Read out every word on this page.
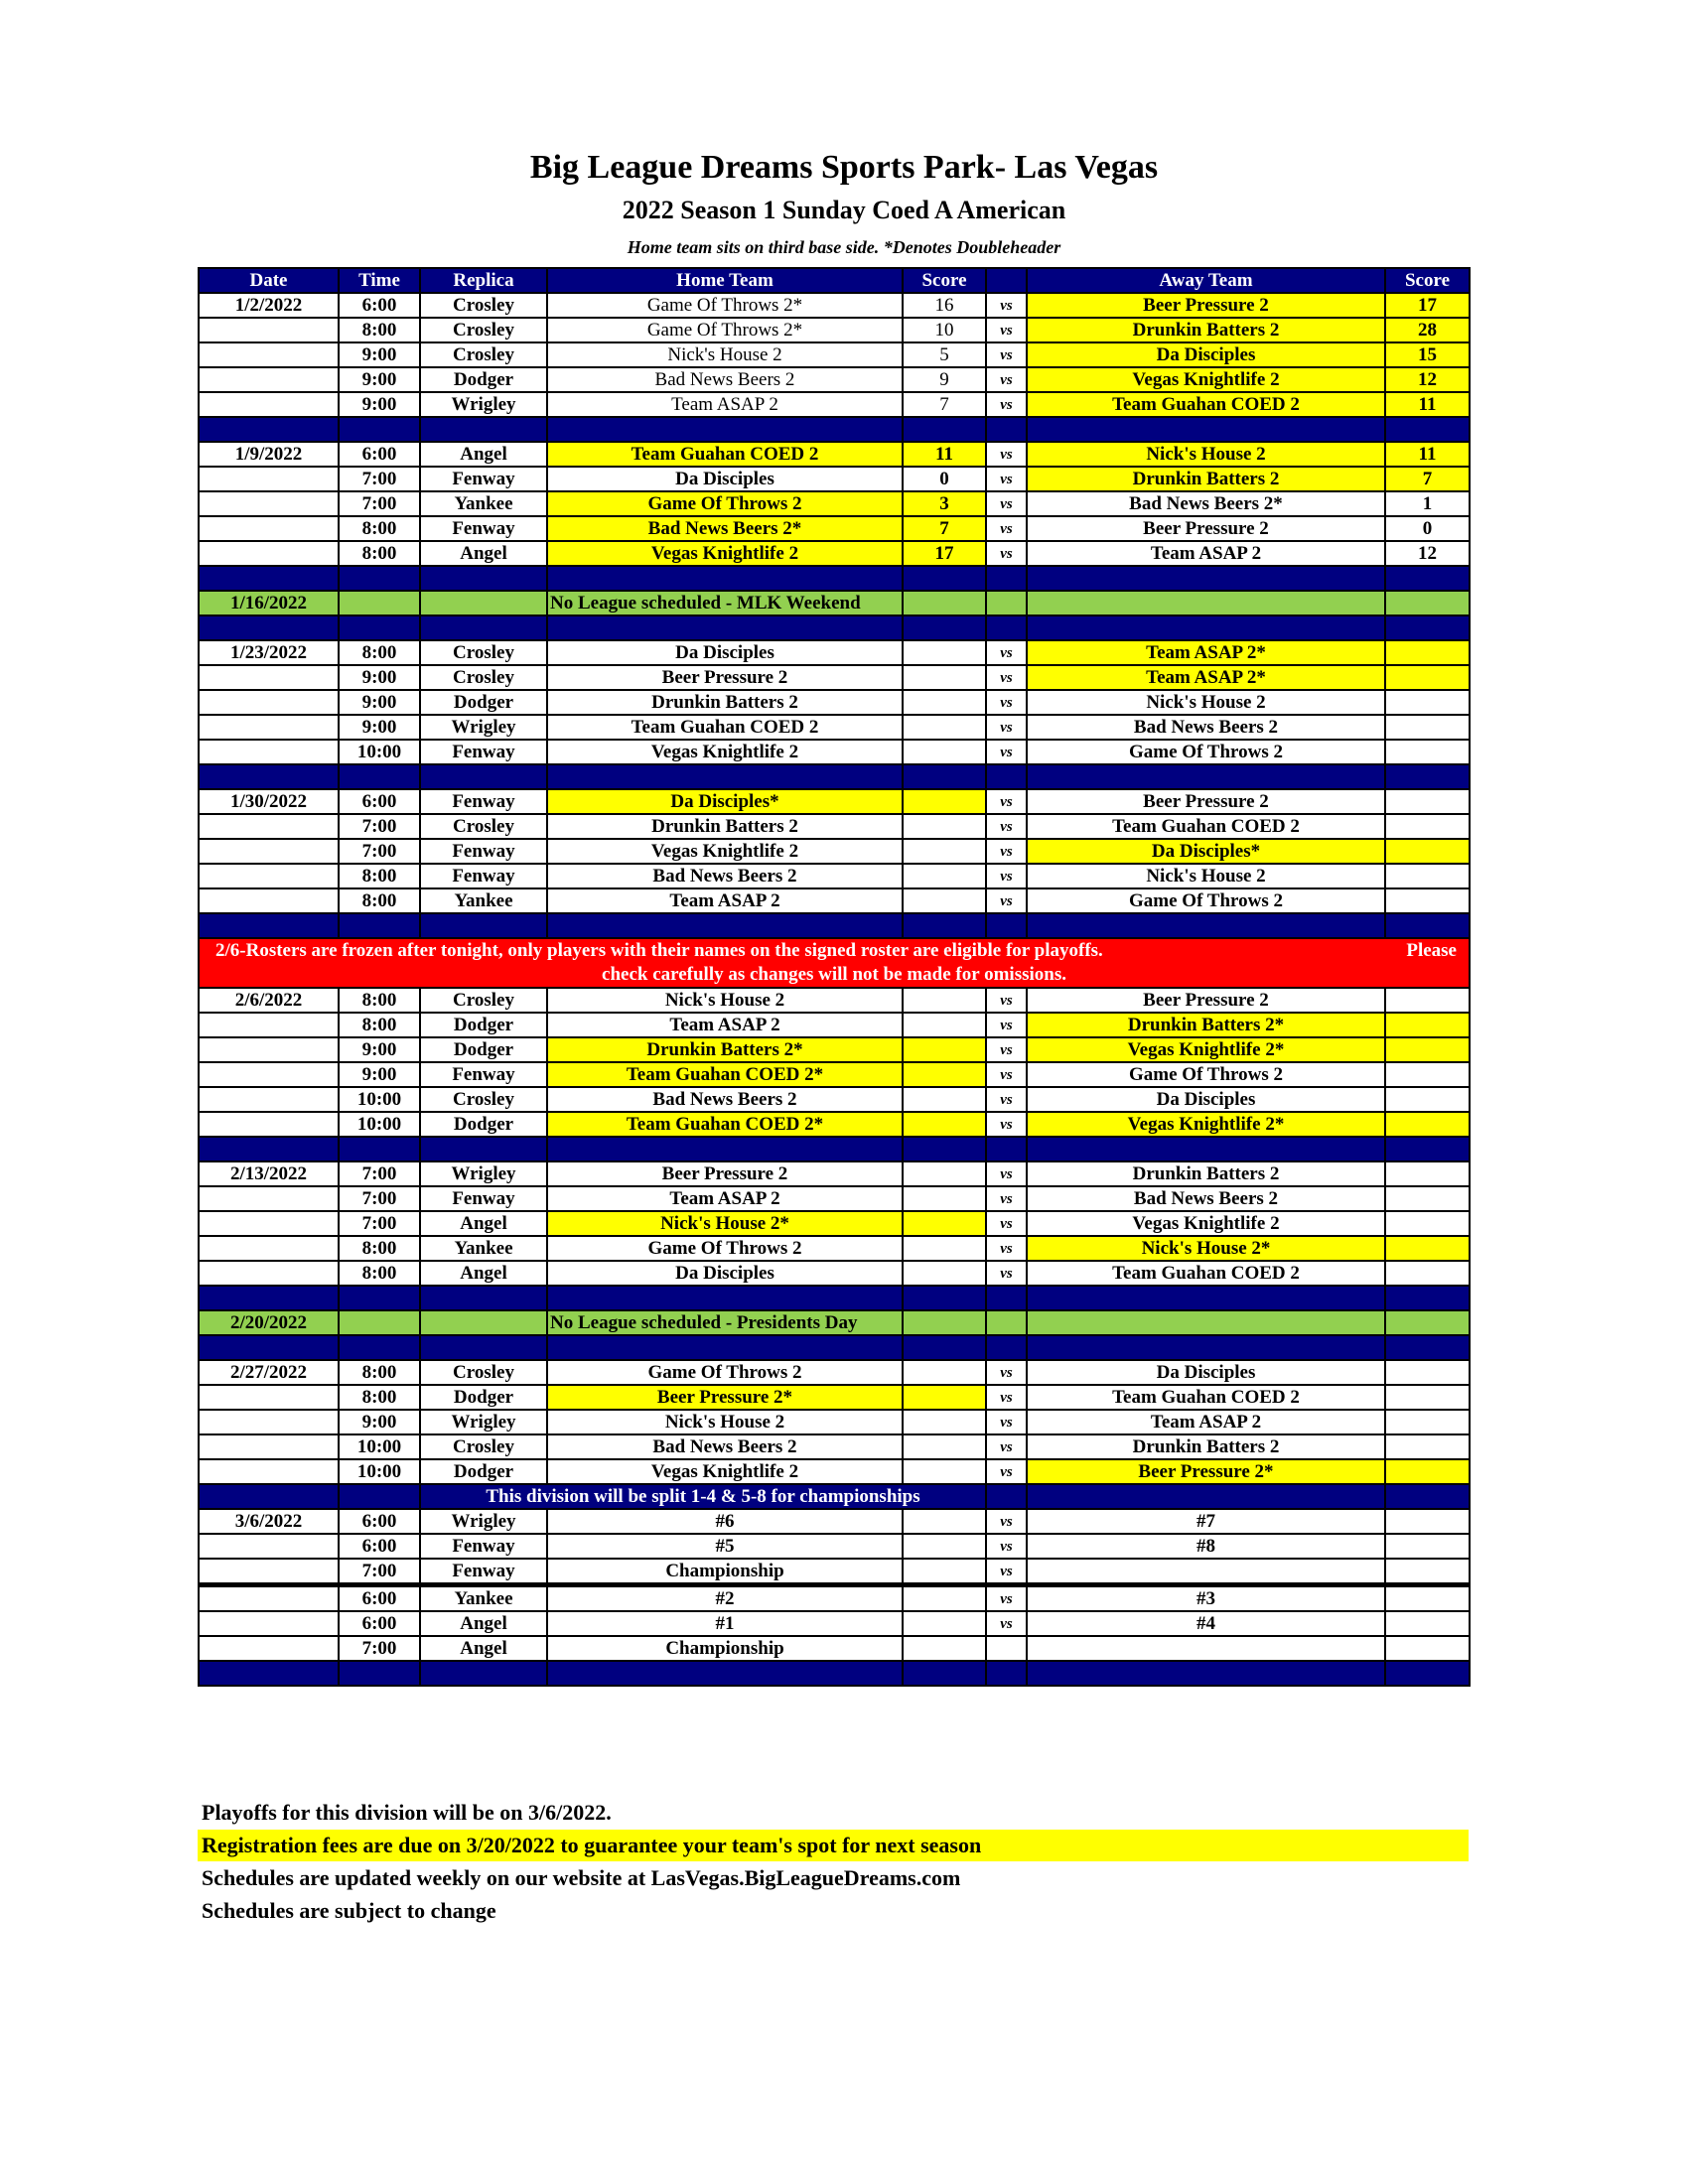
Big League Dreams Sports Park- Las Vegas
2022 Season 1 Sunday Coed A American
Home team sits on third base side. *Denotes Doubleheader
Date	Time	Replica	Home Team	Score		Away Team	Score
1/2/2022	6:00	Crosley	Game Of Throws 2*	16	vs	Beer Pressure 2	17
	8:00	Crosley	Game Of Throws 2*	10	vs	Drunkin Batters 2	28
	9:00	Crosley	Nick's House 2	5	vs	Da Disciples	15
	9:00	Dodger	Bad News Beers 2	9	vs	Vegas Knightlife 2	12
	9:00	Wrigley	Team ASAP 2	7	vs	Team Guahan COED 2	11

1/9/2022	6:00	Angel	Team Guahan COED 2	11	vs	Nick's House 2	11
	7:00	Fenway	Da Disciples	0	vs	Drunkin Batters 2	7
	7:00	Yankee	Game Of Throws 2	3	vs	Bad News Beers 2*	1
	8:00	Fenway	Bad News Beers 2*	7	vs	Beer Pressure 2	0
	8:00	Angel	Vegas Knightlife 2	17	vs	Team ASAP 2	12

1/16/2022			No League scheduled - MLK Weekend				

1/23/2022	8:00	Crosley	Da Disciples		vs	Team ASAP 2*	
	9:00	Crosley	Beer Pressure 2		vs	Team ASAP 2*	
	9:00	Dodger	Drunkin Batters 2		vs	Nick's House 2	
	9:00	Wrigley	Team Guahan COED 2		vs	Bad News Beers 2	
	10:00	Fenway	Vegas Knightlife 2		vs	Game Of Throws 2	

1/30/2022	6:00	Fenway	Da Disciples*		vs	Beer Pressure 2	
	7:00	Crosley	Drunkin Batters 2		vs	Team Guahan COED 2	
	7:00	Fenway	Vegas Knightlife 2		vs	Da Disciples*	
	8:00	Fenway	Bad News Beers 2		vs	Nick's House 2	
	8:00	Yankee	Team ASAP 2		vs	Game Of Throws 2	

2/6-Rosters are frozen after tonight, only players with their names on the signed roster are eligible for playoffs. Please
check carefully as changes will not be made for omissions.							

2/6/2022	8:00	Crosley	Nick's House 2		vs	Beer Pressure 2	
	8:00	Dodger	Team ASAP 2		vs	Drunkin Batters 2*	
	9:00	Dodger	Drunkin Batters 2*		vs	Vegas Knightlife 2*	
	9:00	Fenway	Team Guahan COED 2*		vs	Game Of Throws 2	
	10:00	Crosley	Bad News Beers 2		vs	Da Disciples	
	10:00	Dodger	Team Guahan COED 2*		vs	Vegas Knightlife 2*	

2/13/2022	7:00	Wrigley	Beer Pressure 2		vs	Drunkin Batters 2	
	7:00	Fenway	Team ASAP 2		vs	Bad News Beers 2	
	7:00	Angel	Nick's House 2*		vs	Vegas Knightlife 2	
	8:00	Yankee	Game Of Throws 2		vs	Nick's House 2*	
	8:00	Angel	Da Disciples		vs	Team Guahan COED 2	

2/20/2022			No League scheduled - Presidents Day				

2/27/2022	8:00	Crosley	Game Of Throws 2		vs	Da Disciples	
	8:00	Dodger	Beer Pressure 2*		vs	Team Guahan COED 2	
	9:00	Wrigley	Nick's House 2		vs	Team ASAP 2	
	10:00	Crosley	Bad News Beers 2		vs	Drunkin Batters 2	
	10:00	Dodger	Vegas Knightlife 2		vs	Beer Pressure 2*	
		This division will be split 1-4 & 5-8 for championships					
3/6/2022	6:00	Wrigley	#6		vs	#7	
	6:00	Fenway	#5		vs	#8	
	7:00	Fenway	Championship		vs		
	6:00	Yankee	#2		vs	#3	
	6:00	Angel	#1		vs	#4	
	7:00	Angel	Championship				

Playoffs for this division will be on 3/6/2022.
Registration fees are due on 3/20/2022 to guarantee your team's spot for next season
Schedules are updated weekly on our website at LasVegas.BigLeagueDreams.com
Schedules are subject to change
